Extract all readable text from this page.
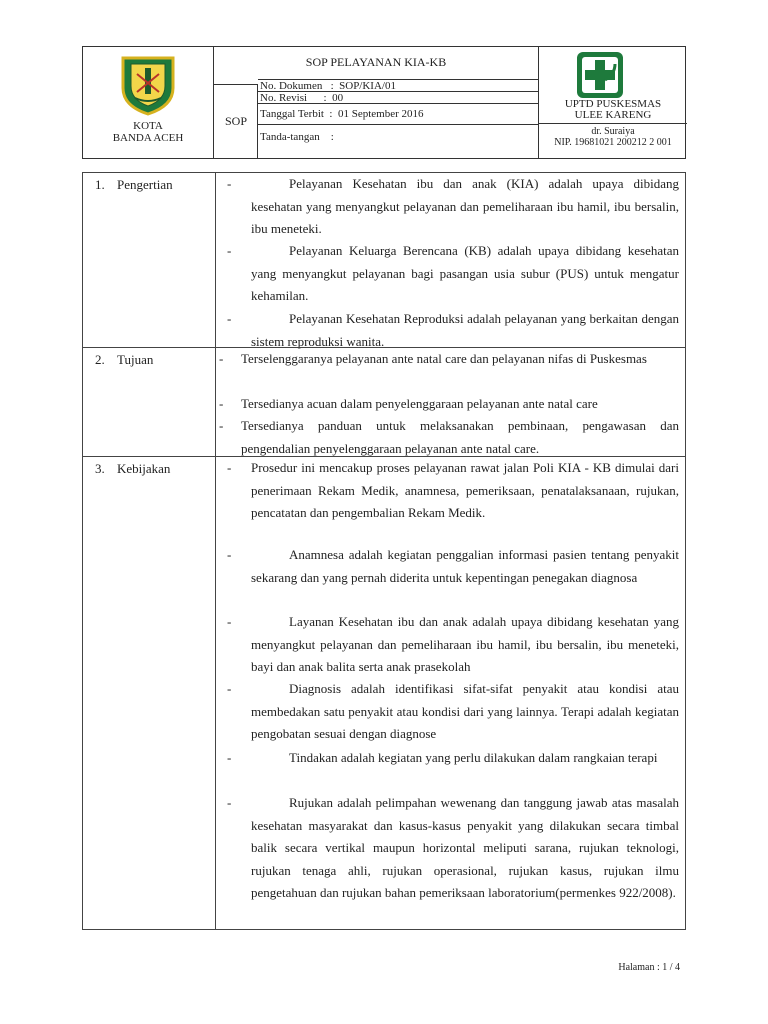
KOTA
BANDA ACEH
SOP PELAYANAN KIA-KB
SOP
No. Dokumen   :  SOP/KIA/01
No. Revisi      :  00
Tanggal Terbit  :  01 September 2016
Tanda-tangan    :
UPTD PUSKESMAS
ULEE KARENG
dr. Suraiya
NIP. 19681021 200212 2 001
1. Pengertian	-	Pelayanan Kesehatan ibu dan anak (KIA) adalah upaya dibidang kesehatan yang menyangkut pelayanan dan pemeliharaan ibu hamil, ibu bersalin, ibu meneteki.
-	Pelayanan Keluarga Berencana (KB) adalah upaya dibidang kesehatan yang menyangkut pelayanan bagi pasangan usia subur (PUS) untuk mengatur kehamilan.
-	Pelayanan Kesehatan Reproduksi adalah pelayanan yang berkaitan dengan sistem reproduksi wanita.
2. Tujuan	- Terselenggaranya pelayanan ante natal care dan pelayanan nifas di Puskesmas
- Tersedianya acuan dalam penyelenggaraan pelayanan ante natal care
- Tersedianya panduan untuk melaksanakan pembinaan, pengawasan dan pengendalian penyelenggaraan pelayanan ante natal care.
3. Kebijakan	- Prosedur ini mencakup proses pelayanan rawat jalan Poli KIA - KB dimulai dari penerimaan Rekam Medik, anamnesa, pemeriksaan, penatalaksanaan, rujukan, pencatatan dan pengembalian Rekam Medik.
-	Anamnesa adalah kegiatan penggalian informasi pasien tentang penyakit sekarang dan yang pernah diderita untuk kepentingan penegakan diagnosa
-	Layanan Kesehatan ibu dan anak adalah upaya dibidang kesehatan yang menyangkut pelayanan dan pemeliharaan ibu hamil, ibu bersalin, ibu meneteki, bayi dan anak balita serta anak prasekolah
-	Diagnosis adalah identifikasi sifat-sifat penyakit atau kondisi atau membedakan satu penyakit atau kondisi dari yang lainnya. Terapi adalah kegiatan pengobatan sesuai dengan diagnose
-	Tindakan adalah kegiatan yang perlu dilakukan dalam rangkaian terapi
-	Rujukan adalah pelimpahan wewenang dan tanggung jawab atas masalah kesehatan masyarakat dan kasus-kasus penyakit yang dilakukan secara timbal balik secara vertikal maupun horizontal meliputi sarana, rujukan teknologi, rujukan tenaga ahli, rujukan operasional, rujukan kasus, rujukan ilmu pengetahuan dan rujukan bahan pemeriksaan laboratorium(permenkes 922/2008).
Halaman : 1 / 4
